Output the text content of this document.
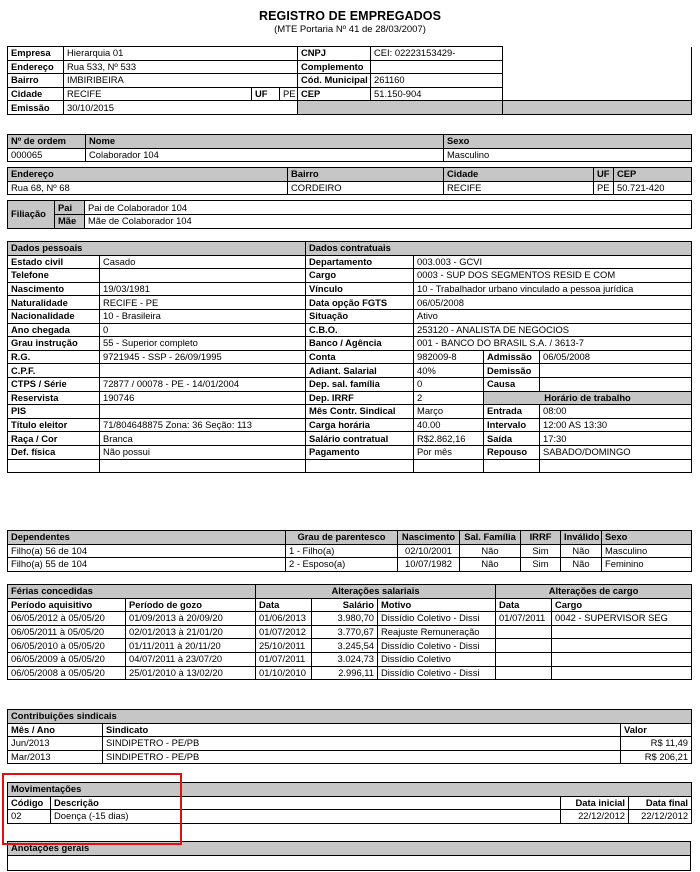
REGISTRO DE EMPREGADOS
(MTE Portaria Nº 41 de 28/03/2007)
Empresa	Hierarquia 01			CNPJ	CEI: 02223153429-	
Endereço	Rua 533, Nº 533			Complemento		
Bairro	IMBIRIBEIRA			Cód. Municipal	261160	
Cidade	RECIFE	UF	PE	CEP	51.150-904	
Emissão	30/10/2015					
Nº de ordem	Nome	Sexo
000065	Colaborador 104	Masculino
Endereço	Bairro	Cidade	UF	CEP
Rua 68, Nº 68	CORDEIRO	RECIFE	PE	50.721-420
Filiação	Pai	Pai de Colaborador 104
	Mãe	Mãe de Colaborador 104
Dados pessoais		Dados contratuais			
Estado civil	Casado	Departamento	003.003 - GCVI		
Telefone		Cargo	0003 - SUP DOS SEGMENTOS RESID E COM		
Nascimento	19/03/1981	Vínculo	10 - Trabalhador urbano vinculado a pessoa jurídica		
Naturalidade	RECIFE - PE	Data opção FGTS	06/05/2008		
Nacionalidade	10 - Brasileira	Situação	Ativo		
Ano chegada	0	C.B.O.	253120 - ANALISTA DE NEGOCIOS		
Grau instrução	55 - Superior completo	Banco / Agência	001 - BANCO DO BRASIL S.A. / 3613-7		
R.G.	9721945 - SSP - 26/09/1995	Conta	982009-8	Admissão	06/05/2008
C.P.F.		Adiant. Salarial	40%	Demissão	
CTPS / Série	72877 / 00078 - PE - 14/01/2004	Dep. sal. família	0	Causa	
Reservista	190746	Dep. IRRF	2	Horário de trabalho	
PIS		Mês Contr. Sindical	Março	Entrada	08:00
Título eleitor	71/804648875 Zona: 36 Seção: 113	Carga horária	40.00	Intervalo	12:00 AS 13:30
Raça / Cor	Branca	Salário contratual	R$2.862,16	Saída	17:30
Def. física	Não possui	Pagamento	Por mês	Repouso	SABADO/DOMINGO

Dependentes	Grau de parentesco	Nascimento	Sal. Família	IRRF	Inválido	Sexo
Filho(a) 56 de 104	1 - Filho(a)	02/10/2001	Não	Sim	Não	Masculino
Filho(a) 55 de 104	2 - Esposo(a)	10/07/1982	Não	Sim	Não	Feminino
Férias concedidas		Alterações salariais			Alterações de cargo	
Período aquisitivo	Período de gozo	Data	Salário	Motivo	Data	Cargo
06/05/2012 à 05/05/20	01/09/2013 à 20/09/20	01/06/2013	3.980,70	Dissídio Coletivo - Dissi	01/07/2011	0042 - SUPERVISOR SEG
06/05/2011 à 05/05/20	02/01/2013 à 21/01/20	01/07/2012	3.770,67	Reajuste Remuneração		
06/05/2010 à 05/05/20	01/11/2011 à 20/11/20	25/10/2011	3.245,54	Dissídio Coletivo - Dissi		
06/05/2009 à 05/05/20	04/07/2011 à 23/07/20	01/07/2011	3.024,73	Dissídio Coletivo		
06/05/2008 à 05/05/20	25/01/2010 à 13/02/20	01/10/2010	2.996,11	Dissídio Coletivo - Dissi		
Contribuições sindicais		
Mês / Ano	Sindicato	Valor
Jun/2013	SINDIPETRO - PE/PB	R$ 11,49
Mar/2013	SINDIPETRO - PE/PB	R$ 206,21
Movimentações			
Código	Descrição	Data inicial	Data final
02	Doença (-15 dias)	22/12/2012	22/12/2012
Anotações gerais
